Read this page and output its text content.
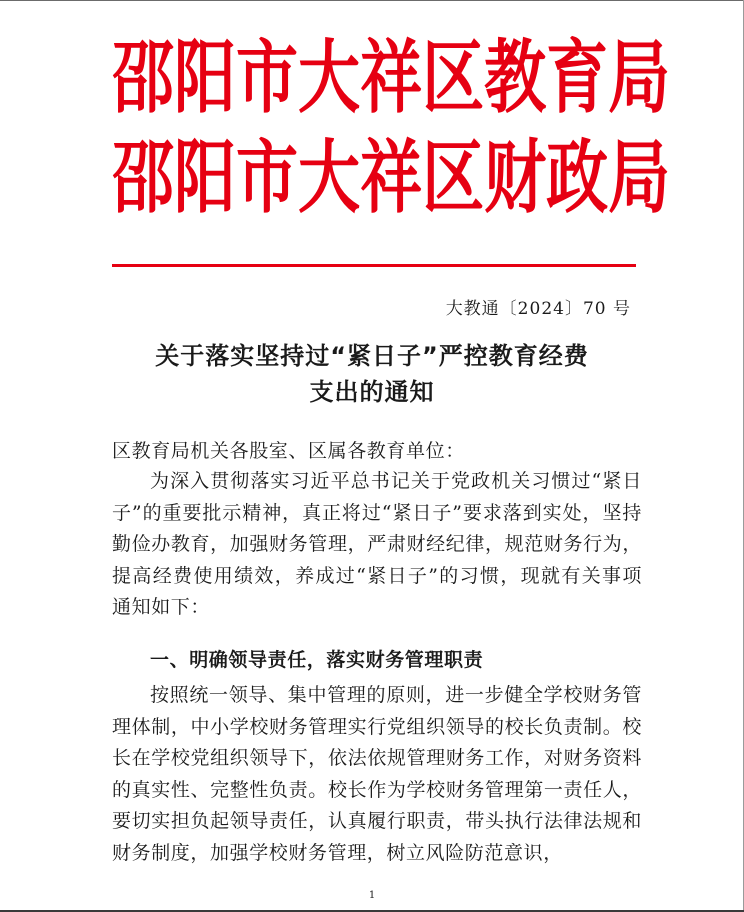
邵 阳 市 大 祥 区 教 育 局
邵 阳 市 大 祥 区 财 政 局
大教通〔2024〕70 号
关于落实坚持过“紧日子”严控教育经费
支出的通知
区教育局机关各股室、区属各教育单位：

为深入贯彻落实习近平总书记关于党政机关习惯过“紧日子”的重要批示精神，真正将过“紧日子”要求落到实处，坚持勤俭办教育，加强财务管理，严肃财经纪律，规范财务行为，提高经费使用绩效，养成过“紧日子”的习惯，现就有关事项通知如下：

一、明确领导责任，落实财务管理职责

按照统一领导、集中管理的原则，进一步健全学校财务管理体制，中小学校财务管理实行党组织领导的校长负责制。校长在学校党组织领导下，依法依规管理财务工作，对财务资料的真实性、完整性负责。校长作为学校财务管理第一责任人，要切实担负起领导责任，认真履行职责，带头执行法律法规和财务制度，加强学校财务管理，树立风险防范意识，

1
